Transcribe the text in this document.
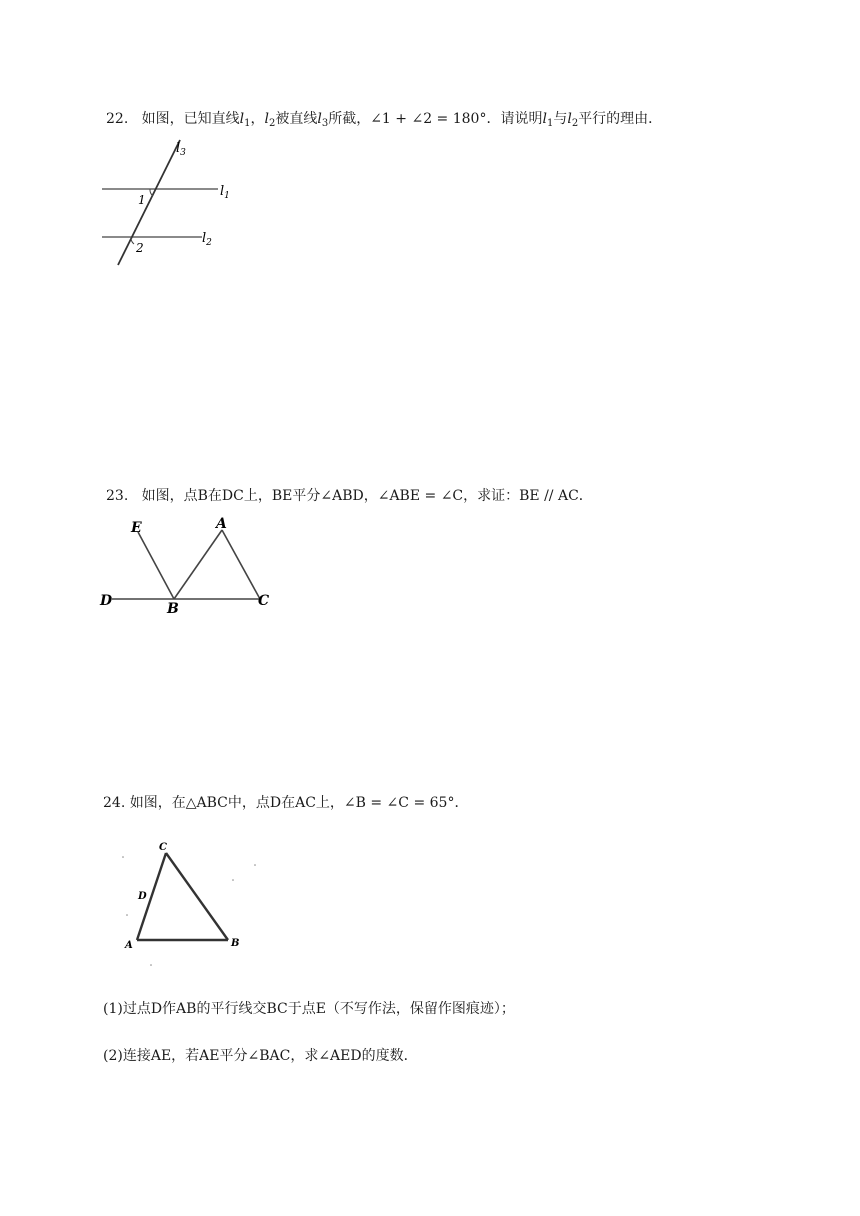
22. 如图，已知直线$l_1$，$l_2$被直线$l_3$所截，∠1 + ∠2 = 180°．请说明$l_1$与$l_2$平行的理由．
$l_3$
$l_1$
$l_2$
1
2
23. 如图，点B在DC上，BE平分∠ABD，∠ABE = ∠C，求证：BE // AC．
E	A
D	B	C
24. 如图，在△ABC中，点D在AC上，∠B = ∠C = 65°．
C
D
A	B
(1)过点D作AB的平行线交BC于点E（不写作法，保留作图痕迹）；
(2)连接AE，若AE平分∠BAC，求∠AED的度数．
